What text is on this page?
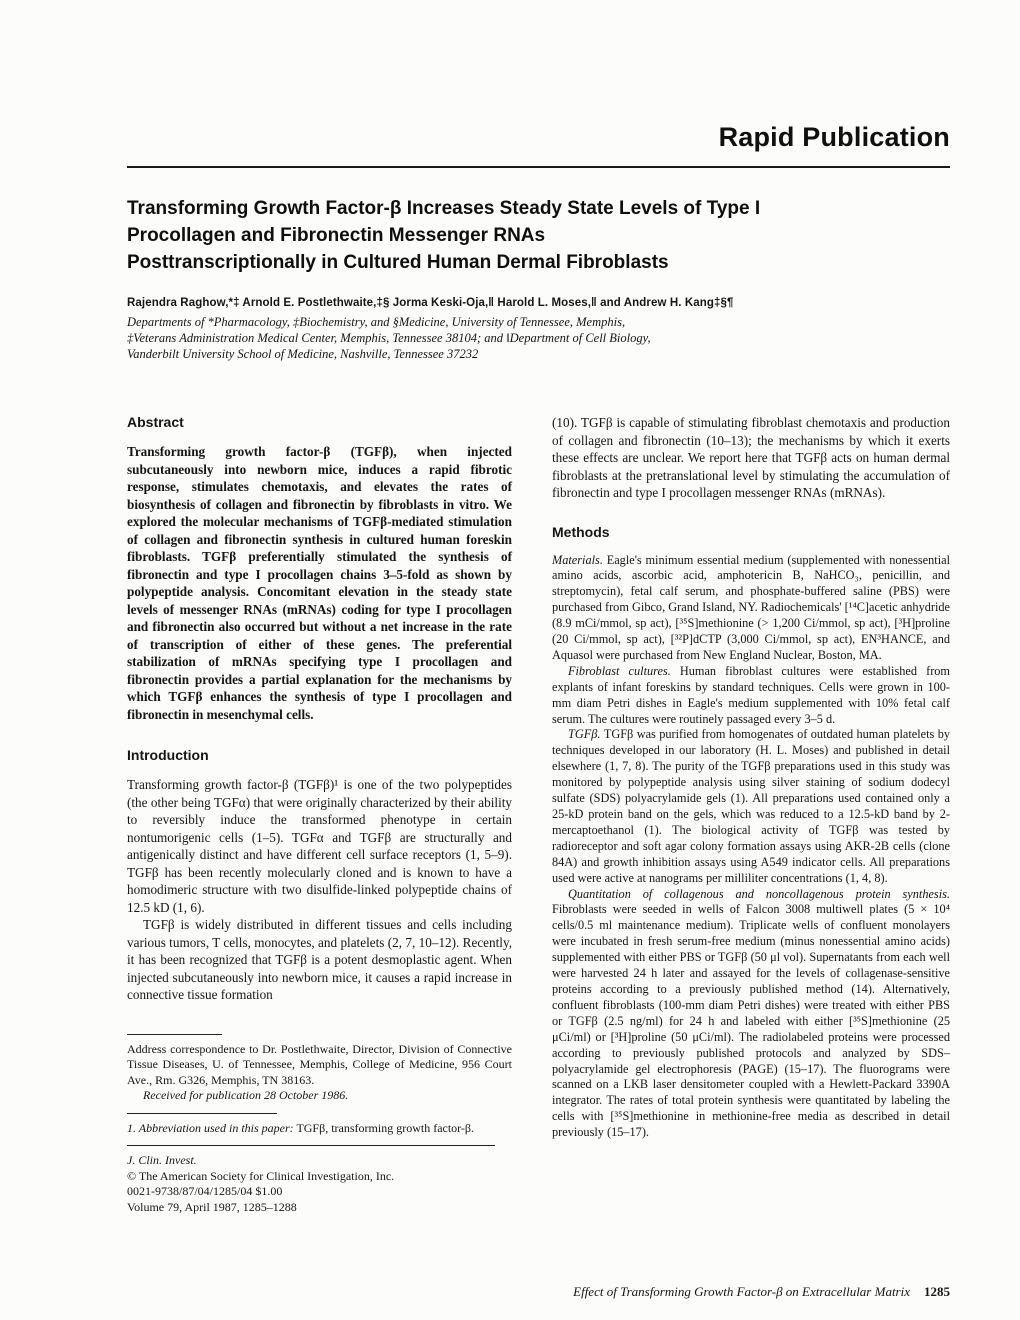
Rapid Publication
Transforming Growth Factor-β Increases Steady State Levels of Type I
Procollagen and Fibronectin Messenger RNAs
Posttranscriptionally in Cultured Human Dermal Fibroblasts
Rajendra Raghow,*‡ Arnold E. Postlethwaite,‡§ Jorma Keski-Oja,‖ Harold L. Moses,‖ and Andrew H. Kang‡§¶
Departments of *Pharmacology, ‡Biochemistry, and §Medicine, University of Tennessee, Memphis,
‡Veterans Administration Medical Center, Memphis, Tennessee 38104; and ‖Department of Cell Biology,
Vanderbilt University School of Medicine, Nashville, Tennessee 37232
Abstract

Transforming growth factor-β (TGFβ), when injected subcutaneously into newborn mice, induces a rapid fibrotic response, stimulates chemotaxis, and elevates the rates of biosynthesis of collagen and fibronectin by fibroblasts in vitro. We explored the molecular mechanisms of TGFβ-mediated stimulation of collagen and fibronectin synthesis in cultured human foreskin fibroblasts. TGFβ preferentially stimulated the synthesis of fibronectin and type I procollagen chains 3–5-fold as shown by polypeptide analysis. Concomitant elevation in the steady state levels of messenger RNAs (mRNAs) coding for type I procollagen and fibronectin also occurred but without a net increase in the rate of transcription of either of these genes. The preferential stabilization of mRNAs specifying type I procollagen and fibronectin provides a partial explanation for the mechanisms by which TGFβ enhances the synthesis of type I procollagen and fibronectin in mesenchymal cells.

Introduction

Transforming growth factor-β (TGFβ)¹ is one of the two polypeptides (the other being TGFα) that were originally characterized by their ability to reversibly induce the transformed phenotype in certain nontumorigenic cells (1–5). TGFα and TGFβ are structurally and antigenically distinct and have different cell surface receptors (1, 5–9). TGFβ has been recently molecularly cloned and is known to have a homodimeric structure with two disulfide-linked polypeptide chains of 12.5 kD (1, 6).

TGFβ is widely distributed in different tissues and cells including various tumors, T cells, monocytes, and platelets (2, 7, 10–12). Recently, it has been recognized that TGFβ is a potent desmoplastic agent. When injected subcutaneously into newborn mice, it causes a rapid increase in connective tissue formation

Address correspondence to Dr. Postlethwaite, Director, Division of Connective Tissue Diseases, U. of Tennessee, Memphis, College of Medicine, 956 Court Ave., Rm. G326, Memphis, TN 38163.

Received for publication 28 October 1986.

1. Abbreviation used in this paper: TGFβ, transforming growth factor-β.

J. Clin. Invest.

© The American Society for Clinical Investigation, Inc.

0021-9738/87/04/1285/04 $1.00

Volume 79, April 1987, 1285–1288

(10). TGFβ is capable of stimulating fibroblast chemotaxis and production of collagen and fibronectin (10–13); the mechanisms by which it exerts these effects are unclear. We report here that TGFβ acts on human dermal fibroblasts at the pretranslational level by stimulating the accumulation of fibronectin and type I procollagen messenger RNAs (mRNAs).

Methods

Materials. Eagle's minimum essential medium (supplemented with nonessential amino acids, ascorbic acid, amphotericin B, NaHCO₃, penicillin, and streptomycin), fetal calf serum, and phosphate-buffered saline (PBS) were purchased from Gibco, Grand Island, NY. Radiochemicals' [¹⁴C]acetic anhydride (8.9 mCi/mmol, sp act), [³⁵S]methionine (> 1,200 Ci/mmol, sp act), [³H]proline (20 Ci/mmol, sp act), [³²P]dCTP (3,000 Ci/mmol, sp act), EN³HANCE, and Aquasol were purchased from New England Nuclear, Boston, MA.

Fibroblast cultures. Human fibroblast cultures were established from explants of infant foreskins by standard techniques. Cells were grown in 100-mm diam Petri dishes in Eagle's medium supplemented with 10% fetal calf serum. The cultures were routinely passaged every 3–5 d.

TGFβ. TGFβ was purified from homogenates of outdated human platelets by techniques developed in our laboratory (H. L. Moses) and published in detail elsewhere (1, 7, 8). The purity of the TGFβ preparations used in this study was monitored by polypeptide analysis using silver staining of sodium dodecyl sulfate (SDS) polyacrylamide gels (1). All preparations used contained only a 25-kD protein band on the gels, which was reduced to a 12.5-kD band by 2-mercaptoethanol (1). The biological activity of TGFβ was tested by radioreceptor and soft agar colony formation assays using AKR-2B cells (clone 84A) and growth inhibition assays using A549 indicator cells. All preparations used were active at nanograms per milliliter concentrations (1, 4, 8).

Quantitation of collagenous and noncollagenous protein synthesis. Fibroblasts were seeded in wells of Falcon 3008 multiwell plates (5 × 10⁴ cells/0.5 ml maintenance medium). Triplicate wells of confluent monolayers were incubated in fresh serum-free medium (minus nonessential amino acids) supplemented with either PBS or TGFβ (50 μl vol). Supernatants from each well were harvested 24 h later and assayed for the levels of collagenase-sensitive proteins according to a previously published method (14). Alternatively, confluent fibroblasts (100-mm diam Petri dishes) were treated with either PBS or TGFβ (2.5 ng/ml) for 24 h and labeled with either [³⁵S]methionine (25 μCi/ml) or [³H]proline (50 μCi/ml). The radiolabeled proteins were processed according to previously published protocols and analyzed by SDS–polyacrylamide gel electrophoresis (PAGE) (15–17). The fluorograms were scanned on a LKB laser densitometer coupled with a Hewlett-Packard 3390A integrator. The rates of total protein synthesis were quantitated by labeling the cells with [³⁵S]methionine in methionine-free media as described in detail previously (15–17).

Effect of Transforming Growth Factor-β on Extracellular Matrix 1285
